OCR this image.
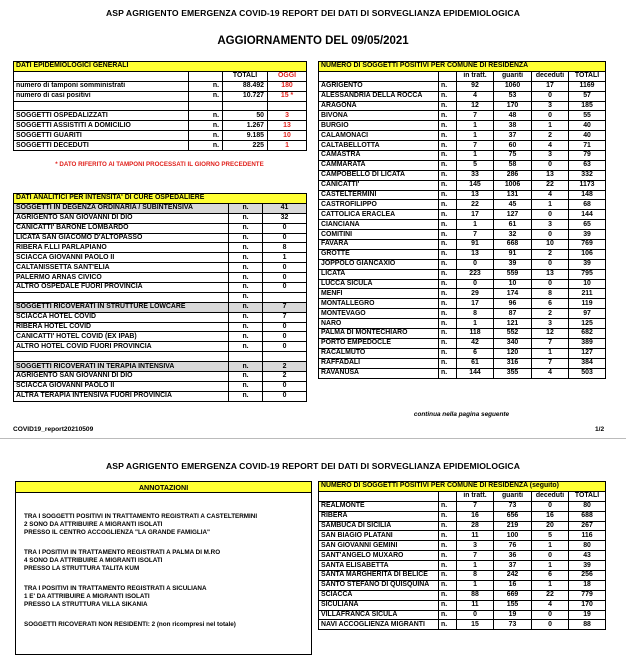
ASP AGRIGENTO EMERGENZA COVID-19 REPORT DEI DATI DI SORVEGLIANZA EPIDEMIOLOGICA
AGGIORNAMENTO DEL 09/05/2021
DATI EPIDEMIOLOGICI GENERALI			
		TOTALI	OGGI
numero di tamponi somministrati	n.	88.492	180
numero di casi positivi	n.	10.727	15 *

SOGGETTI OSPEDALIZZATI	n.	50	3
SOGGETTI ASSISTITI A DOMICILIO	n.	1.267	13
SOGGETTI GUARITI	n.	9.185	10
SOGGETTI DECEDUTI	n.	225	1
* DATO RIFERITO AI TAMPONI PROCESSATI IL GIORNO PRECEDENTE
DATI ANALITICI PER INTENSITA' DI CURE OSPEDALIERE		
SOGGETTI IN DEGENZA ORDINARIA / SUBINTENSIVA	n.	41
AGRIGENTO SAN GIOVANNI DI DIO	n.	32
CANICATTI' BARONE LOMBARDO	n.	0
LICATA SAN GIACOMO D'ALTOPASSO	n.	0
RIBERA F.LLI PARLAPIANO	n.	8
SCIACCA GIOVANNI PAOLO II	n.	1
CALTANISSETTA SANT'ELIA	n.	0
PALERMO ARNAS CIVICO	n.	0
ALTRO OSPEDALE FUORI PROVINCIA	n.	0
	n.	
SOGGETTI RICOVERATI IN STRUTTURE LOWCARE	n.	7
SCIACCA HOTEL COVID	n.	7
RIBERA HOTEL COVID	n.	0
CANICATTI' HOTEL COVID (EX IPAB)	n.	0
ALTRO HOTEL COVID FUORI PROVINCIA	n.	0

SOGGETTI RICOVERATI IN TERAPIA INTENSIVA	n.	2
AGRIGENTO SAN GIOVANNI DI DIO	n.	2
SCIACCA GIOVANNI PAOLO II	n.	0
ALTRA TERAPIA INTENSIVA FUORI PROVINCIA	n.	0
NUMERO DI SOGGETTI POSITIVI PER COMUNE DI RESIDENZA					
		in tratt.	guariti	deceduti	TOTALI
AGRIGENTO	n.	92	1060	17	1169
ALESSANDRIA DELLA ROCCA	n.	4	53	0	57
ARAGONA	n.	12	170	3	185
BIVONA	n.	7	48	0	55
BURGIO	n.	1	38	1	40
CALAMONACI	n.	1	37	2	40
CALTABELLOTTA	n.	7	60	4	71
CAMASTRA	n.	1	75	3	79
CAMMARATA	n.	5	58	0	63
CAMPOBELLO DI LICATA	n.	33	286	13	332
CANICATTI'	n.	145	1006	22	1173
CASTELTERMINI	n.	13	131	4	148
CASTROFILIPPO	n.	22	45	1	68
CATTOLICA ERACLEA	n.	17	127	0	144
CIANCIANA	n.	1	61	3	65
COMITINI	n.	7	32	0	39
FAVARA	n.	91	668	10	769
GROTTE	n.	13	91	2	106
JOPPOLO GIANCAXIO	n.	0	39	0	39
LICATA	n.	223	559	13	795
LUCCA SICULA	n.	0	10	0	10
MENFI	n.	29	174	8	211
MONTALLEGRO	n.	17	96	6	119
MONTEVAGO	n.	8	87	2	97
NARO	n.	1	121	3	125
PALMA DI MONTECHIARO	n.	118	552	12	682
PORTO EMPEDOCLE	n.	42	340	7	389
RACALMUTO	n.	6	120	1	127
RAFFADALI	n.	61	316	7	384
RAVANUSA	n.	144	355	4	503
continua nella pagina seguente
COVID19_report20210509	1/2
ASP AGRIGENTO EMERGENZA COVID-19 REPORT DEI DATI DI SORVEGLIANZA EPIDEMIOLOGICA
ANNOTAZIONI
TRA I SOGGETTI POSITIVI IN TRATTAMENTO REGISTRATI A CASTELTERMINI
2 SONO DA ATTRIBUIRE A MIGRANTI ISOLATI
PRESSO IL CENTRO ACCOGLIENZA "LA GRANDE FAMIGLIA"
TRA I POSITIVI IN TRATTAMENTO REGISTRATI A PALMA DI M.RO
4 SONO DA ATTRIBUIRE A MIGRANTI ISOLATI
PRESSO LA STRUTTURA TALITA KUM
TRA I POSITIVI IN TRATTAMENTO REGISTRATI A SICULIANA
1 E' DA ATTRIBUIRE A MIGRANTI ISOLATI
PRESSO LA STRUTTURA VILLA SIKANIA
SOGGETTI RICOVERATI NON RESIDENTI: 2 (non ricompresi nel totale)
NUMERO DI SOGGETTI POSITIVI PER COMUNE DI RESIDENZA (seguito)					
		in tratt.	guariti	deceduti	TOTALI
REALMONTE	n.	7	73	0	80
RIBERA	n.	16	656	16	688
SAMBUCA DI SICILIA	n.	28	219	20	267
SAN BIAGIO PLATANI	n.	11	100	5	116
SAN GIOVANNI GEMINI	n.	3	76	1	80
SANT'ANGELO MUXARO	n.	7	36	0	43
SANTA ELISABETTA	n.	1	37	1	39
SANTA MARGHERITA DI BELICE	n.	8	242	6	256
SANTO STEFANO DI QUISQUINA	n.	1	16	1	18
SCIACCA	n.	88	669	22	779
SICULIANA	n.	11	155	4	170
VILLAFRANCA SICULA	n.	0	19	0	19
NAVI ACCOGLIENZA MIGRANTI	n.	15	73	0	88
